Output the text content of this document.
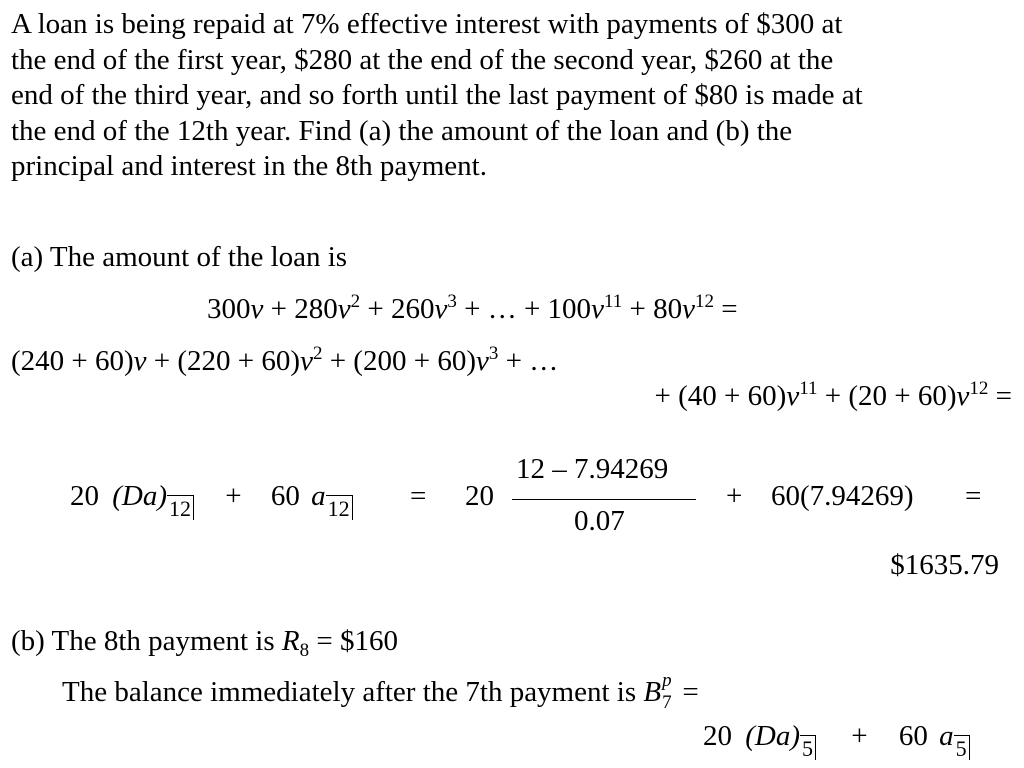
A loan is being repaid at 7% effective interest with payments of $300 at
the end of the first year, $280 at the end of the second year, $260 at the
end of the third year, and so forth until the last payment of $80 is made at
the end of the 12th year. Find (a) the amount of the loan and (b) the
principal and interest in the 8th payment.
(a) The amount of the loan is
$300v + 280v^2 + 260v^3$ + … + $100v^{11} + 80v^{12}$ =
$(240 + 60)v + (220 + 60)v^2 + (200 + 60)v^3$ + …
+ $(40 + 60)v^{11} + (20 + 60)v^{12}$ =
20 (Da)12 + 60 a12 = 20
12 – 7.94269
0.07
+ 60(7.94269) =
$1635.79
(b) The 8th payment is $R_8$ = $160
The balance immediately after the 7th payment is B p
7 =
20 (Da)5 + 60 a5
